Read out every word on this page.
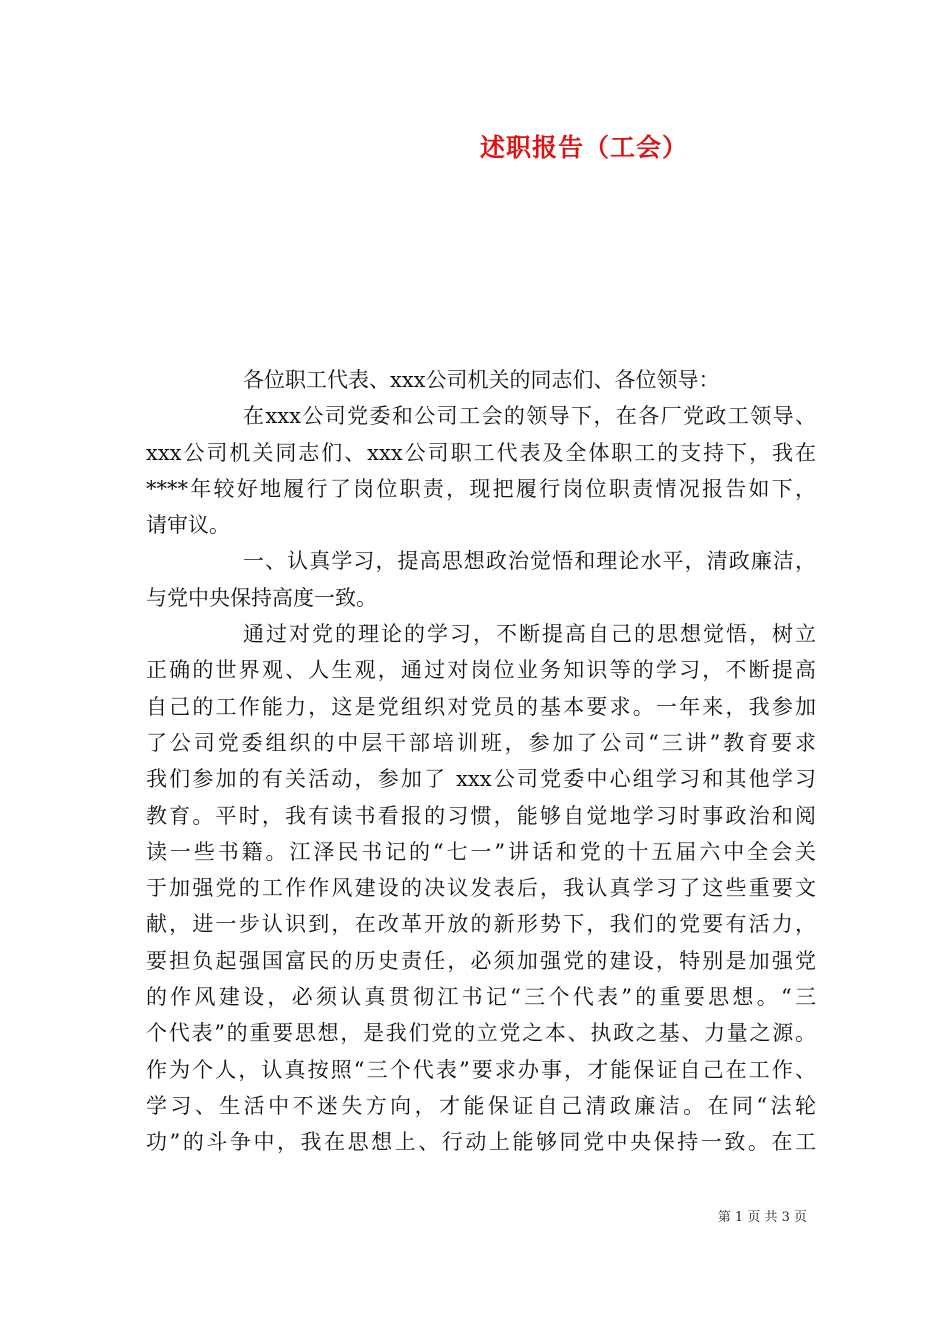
述职报告（工会）
各位职工代表、xxx公司机关的同志们、各位领导：
在xxx公司党委和公司工会的领导下，在各厂党政工领导、
xxx公司机关同志们、xxx公司职工代表及全体职工的支持下，我在
****年较好地履行了岗位职责，现把履行岗位职责情况报告如下，
请审议。
一、认真学习，提高思想政治觉悟和理论水平，清政廉洁，
与党中央保持高度一致。
通过对党的理论的学习，不断提高自己的思想觉悟，树立
正确的世界观、人生观，通过对岗位业务知识等的学习，不断提高
自己的工作能力，这是党组织对党员的基本要求。一年来，我参加
了公司党委组织的中层干部培训班，参加了公司“三讲”教育要求
我们参加的有关活动，参加了 xxx公司党委中心组学习和其他学习
教育。平时，我有读书看报的习惯，能够自觉地学习时事政治和阅
读一些书籍。江泽民书记的“七一”讲话和党的十五届六中全会关
于加强党的工作作风建设的决议发表后，我认真学习了这些重要文
献，进一步认识到，在改革开放的新形势下，我们的党要有活力，
要担负起强国富民的历史责任，必须加强党的建设，特别是加强党
的作风建设，必须认真贯彻江书记“三个代表”的重要思想。“三
个代表”的重要思想，是我们党的立党之本、执政之基、力量之源。
作为个人，认真按照“三个代表”要求办事，才能保证自己在工作、
学习、生活中不迷失方向，才能保证自己清政廉洁。在同“法轮
功”的斗争中，我在思想上、行动上能够同党中央保持一致。在工
第 1 页 共 3 页
